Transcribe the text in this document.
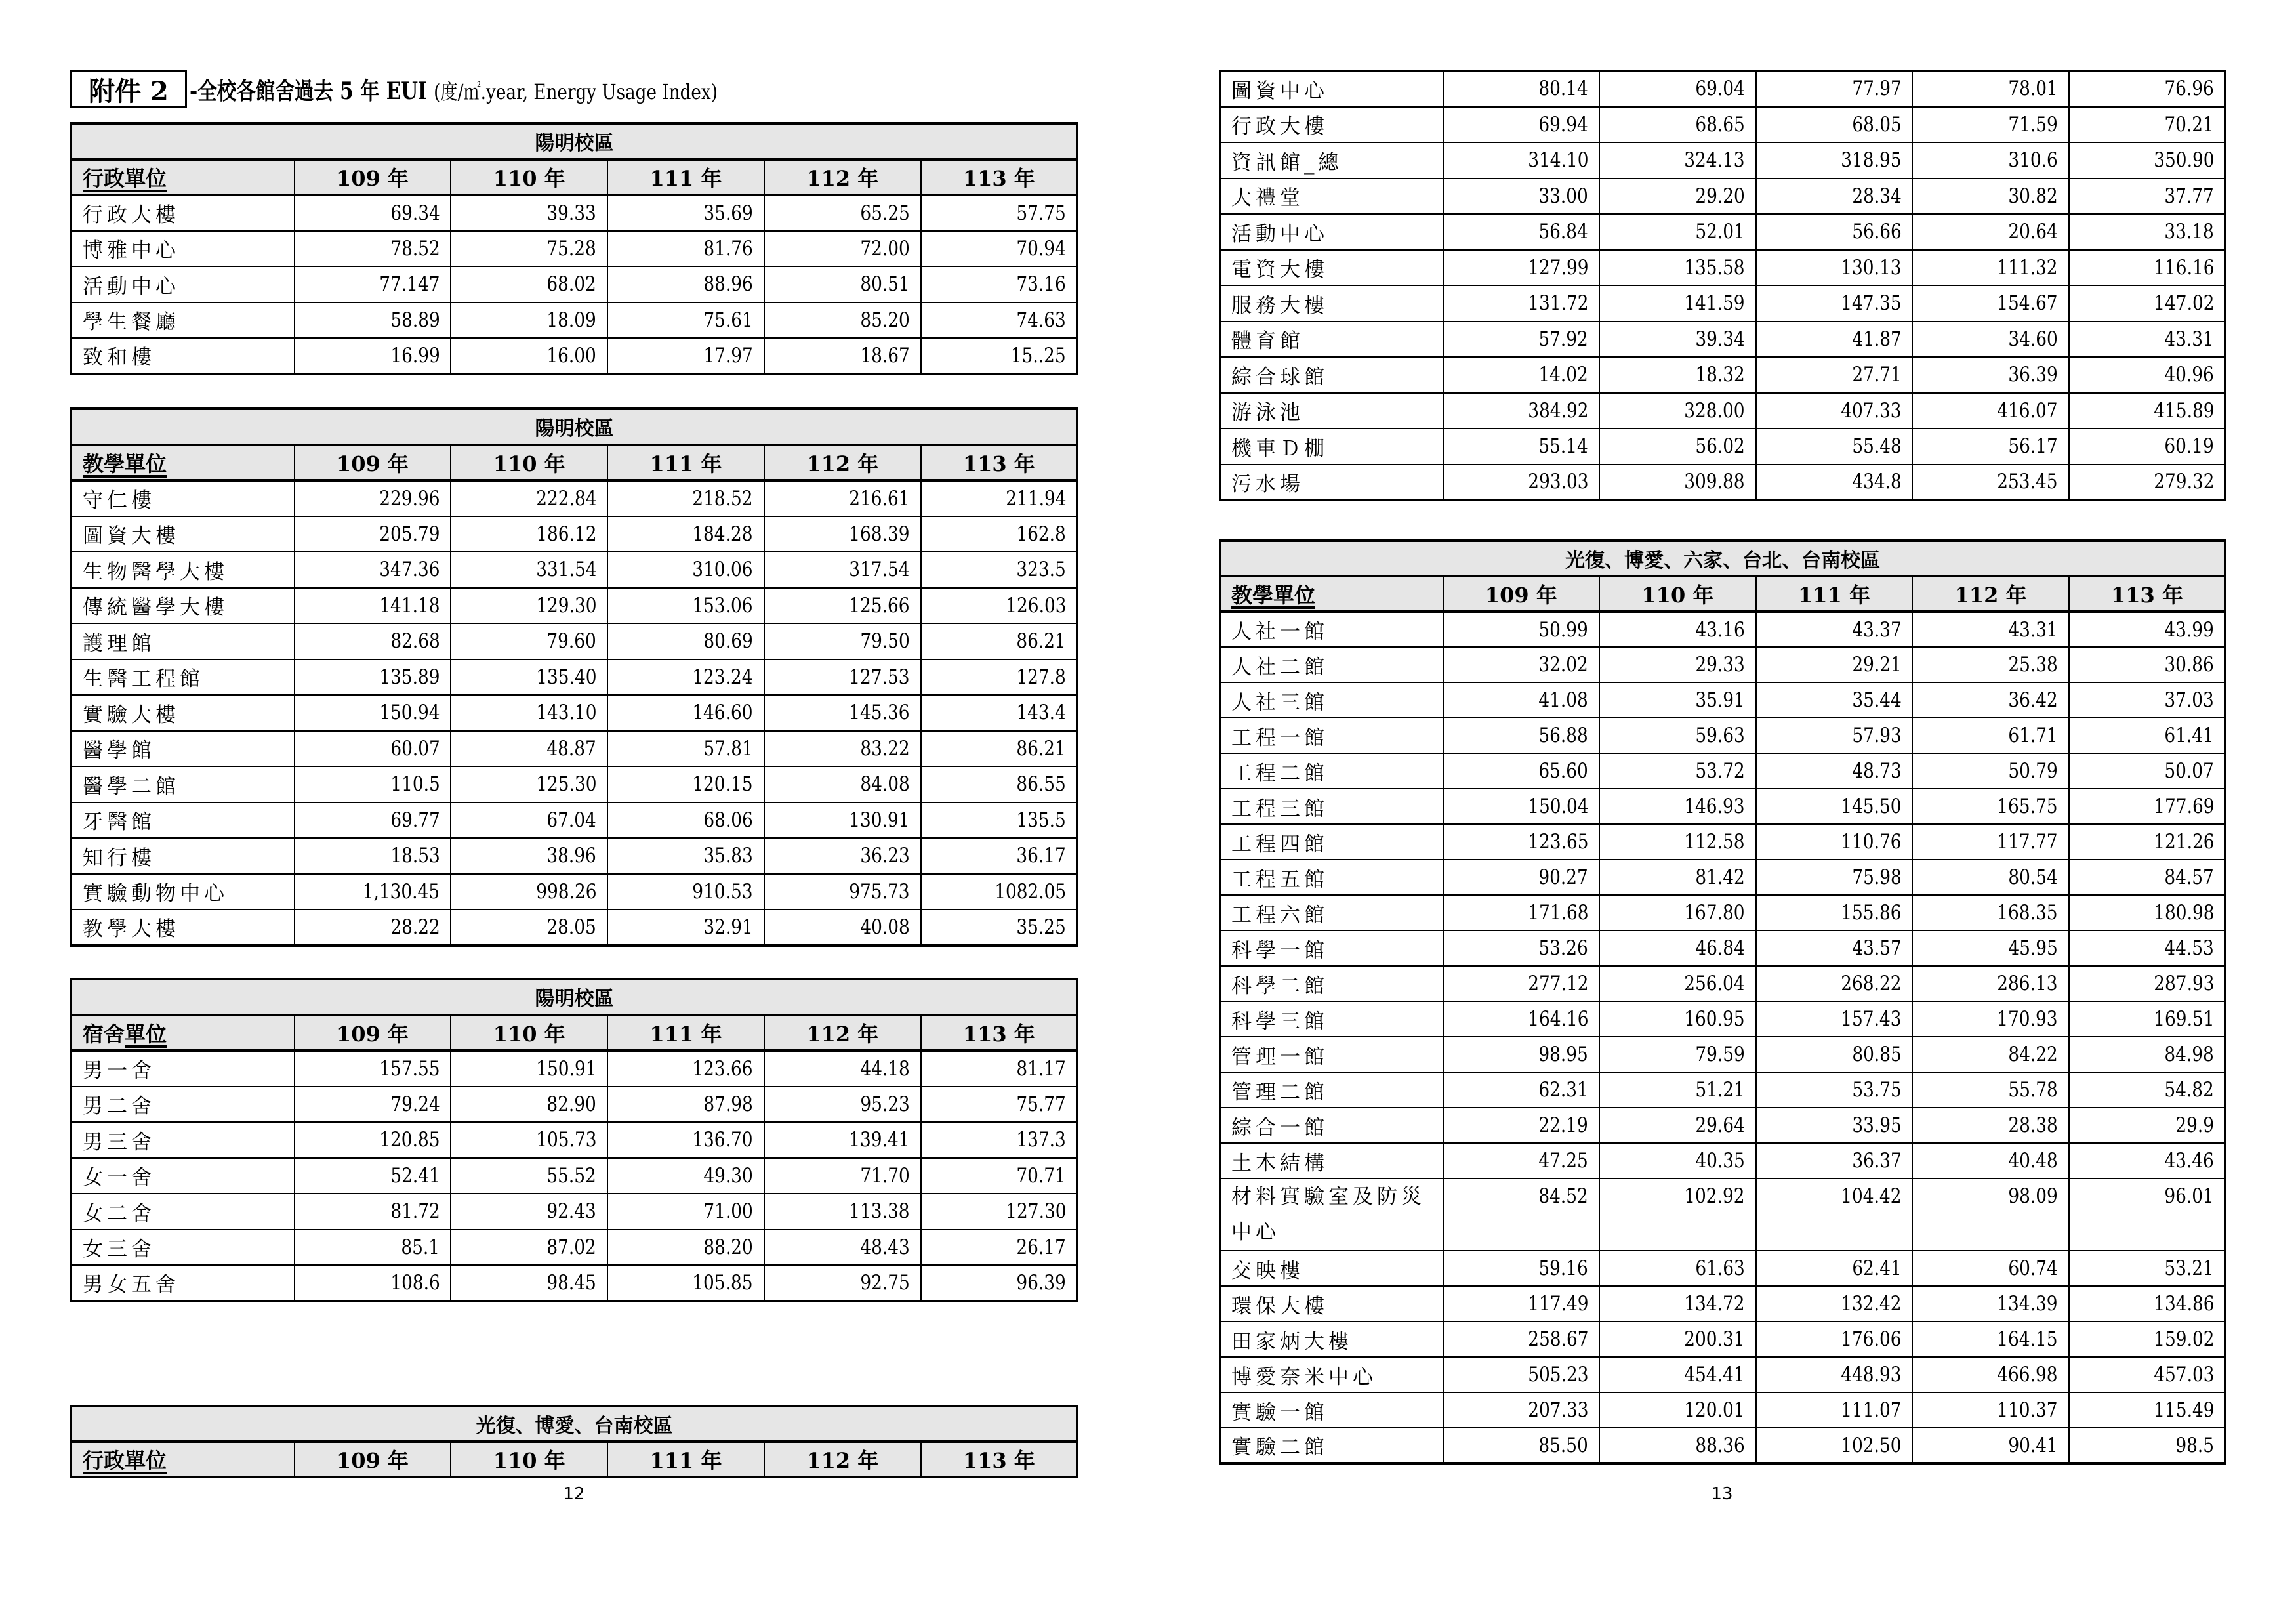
附件 2 -全校各館舍過去 5 年 EUI (度/㎡.year, Energy Usage Index)
陽明校區					
行政單位	109 年	110 年	111 年	112 年	113 年
行政大樓	69.34	39.33	35.69	65.25	57.75
博雅中心	78.52	75.28	81.76	72.00	70.94
活動中心	77.147	68.02	88.96	80.51	73.16
學生餐廳	58.89	18.09	75.61	85.20	74.63
致和樓	16.99	16.00	17.97	18.67	15..25
陽明校區					
教學單位	109 年	110 年	111 年	112 年	113 年
守仁樓	229.96	222.84	218.52	216.61	211.94
圖資大樓	205.79	186.12	184.28	168.39	162.8
生物醫學大樓	347.36	331.54	310.06	317.54	323.5
傳統醫學大樓	141.18	129.30	153.06	125.66	126.03
護理館	82.68	79.60	80.69	79.50	86.21
生醫工程館	135.89	135.40	123.24	127.53	127.8
實驗大樓	150.94	143.10	146.60	145.36	143.4
醫學館	60.07	48.87	57.81	83.22	86.21
醫學二館	110.5	125.30	120.15	84.08	86.55
牙醫館	69.77	67.04	68.06	130.91	135.5
知行樓	18.53	38.96	35.83	36.23	36.17
實驗動物中心	1,130.45	998.26	910.53	975.73	1082.05
教學大樓	28.22	28.05	32.91	40.08	35.25
陽明校區					
宿舍單位	109 年	110 年	111 年	112 年	113 年
男一舍	157.55	150.91	123.66	44.18	81.17
男二舍	79.24	82.90	87.98	95.23	75.77
男三舍	120.85	105.73	136.70	139.41	137.3
女一舍	52.41	55.52	49.30	71.70	70.71
女二舍	81.72	92.43	71.00	113.38	127.30
女三舍	85.1	87.02	88.20	48.43	26.17
男女五舍	108.6	98.45	105.85	92.75	96.39
光復、博愛、台南校區
行政單位	109 年	110 年	111 年	112 年	113 年
圖資中心	80.14	69.04	77.97	78.01	76.96
行政大樓	69.94	68.65	68.05	71.59	70.21
資訊館_總	314.10	324.13	318.95	310.6	350.90
大禮堂	33.00	29.20	28.34	30.82	37.77
活動中心	56.84	52.01	56.66	20.64	33.18
電資大樓	127.99	135.58	130.13	111.32	116.16
服務大樓	131.72	141.59	147.35	154.67	147.02
體育館	57.92	39.34	41.87	34.60	43.31
綜合球館	14.02	18.32	27.71	36.39	40.96
游泳池	384.92	328.00	407.33	416.07	415.89
機車Ｄ棚	55.14	56.02	55.48	56.17	60.19
污水場	293.03	309.88	434.8	253.45	279.32
光復、博愛、六家、台北、台南校區					
教學單位	109 年	110 年	111 年	112 年	113 年
人社一館	50.99	43.16	43.37	43.31	43.99
人社二館	32.02	29.33	29.21	25.38	30.86
人社三館	41.08	35.91	35.44	36.42	37.03
工程一館	56.88	59.63	57.93	61.71	61.41
工程二館	65.60	53.72	48.73	50.79	50.07
工程三館	150.04	146.93	145.50	165.75	177.69
工程四館	123.65	112.58	110.76	117.77	121.26
工程五館	90.27	81.42	75.98	80.54	84.57
工程六館	171.68	167.80	155.86	168.35	180.98
科學一館	53.26	46.84	43.57	45.95	44.53
科學二館	277.12	256.04	268.22	286.13	287.93
科學三館	164.16	160.95	157.43	170.93	169.51
管理一館	98.95	79.59	80.85	84.22	84.98
管理二館	62.31	51.21	53.75	55.78	54.82
綜合一館	22.19	29.64	33.95	28.38	29.9
土木結構	47.25	40.35	36.37	40.48	43.46
材料實驗室及防災中心	84.52	102.92	104.42	98.09	96.01
交映樓	59.16	61.63	62.41	60.74	53.21
環保大樓	117.49	134.72	132.42	134.39	134.86
田家炳大樓	258.67	200.31	176.06	164.15	159.02
博愛奈米中心	505.23	454.41	448.93	466.98	457.03
實驗一館	207.33	120.01	111.07	110.37	115.49
實驗二館	85.50	88.36	102.50	90.41	98.5
12	13
